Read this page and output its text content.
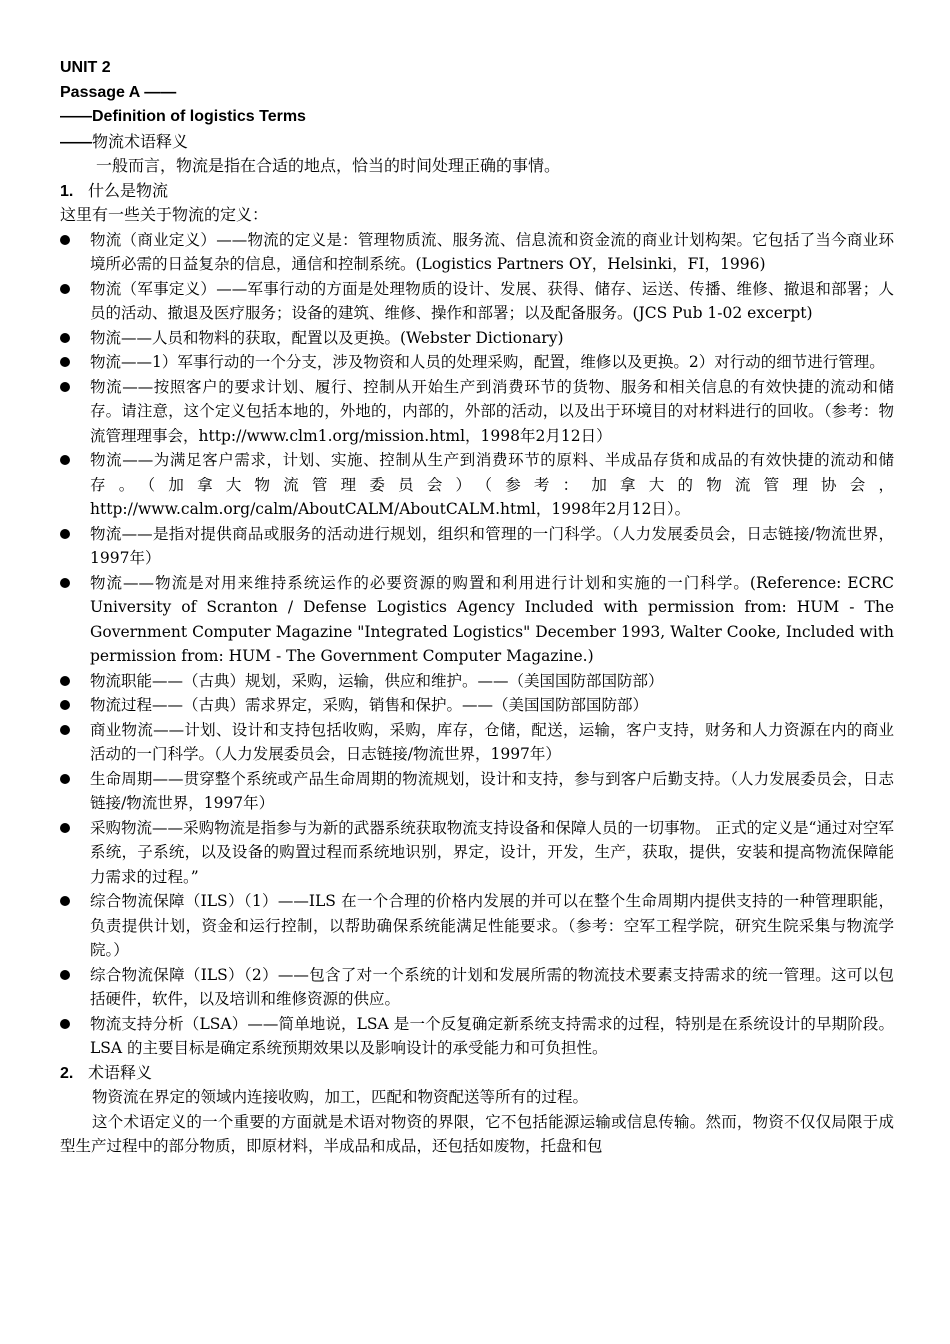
UNIT 2
Passage A ——
——Definition of logistics Terms
——物流术语释义
一般而言，物流是指在合适的地点，恰当的时间处理正确的事情。
1. 什么是物流
这里有一些关于物流的定义：
物流（商业定义）——物流的定义是：管理物质流、服务流、信息流和资金流的商业计划构架。它包括了当今商业环境所必需的日益复杂的信息，通信和控制系统。(Logistics Partners OY，Helsinki，FI，1996)
物流（军事定义）——军事行动的方面是处理物质的设计、发展、获得、储存、运送、传播、维修、撤退和部署；人员的活动、撤退及医疗服务；设备的建筑、维修、操作和部署；以及配备服务。(JCS Pub 1-02 excerpt)
物流——人员和物料的获取，配置以及更换。(Webster Dictionary)
物流——1）军事行动的一个分支，涉及物资和人员的处理采购，配置，维修以及更换。2）对行动的细节进行管理。
物流——按照客户的要求计划、履行、控制从开始生产到消费环节的货物、服务和相关信息的有效快捷的流动和储存。请注意，这个定义包括本地的，外地的，内部的，外部的活动，以及出于环境目的对材料进行的回收。（参考：物流管理理事会，http://www.clm1.org/mission.html，1998年2月12日）
物流——为满足客户需求，计划、实施、控制从生产到消费环节的原料、半成品存货和成品的有效快捷的流动和储存。（加拿大物流管理委员会）（参考：加拿大的物流管理协会，http://www.calm.org/calm/AboutCALM/AboutCALM.html，1998年2月12日）。
物流——是指对提供商品或服务的活动进行规划，组织和管理的一门科学。（人力发展委员会，日志链接/物流世界，1997年）
物流——物流是对用来维持系统运作的必要资源的购置和利用进行计划和实施的一门科学。(Reference: ECRC University of Scranton / Defense Logistics Agency Included with permission from: HUM - The Government Computer Magazine "Integrated Logistics" December 1993, Walter Cooke, Included with permission from: HUM - The Government Computer Magazine.)
物流职能——（古典）规划，采购，运输，供应和维护。——（美国国防部国防部）
物流过程——（古典）需求界定，采购，销售和保护。——（美国国防部国防部）
商业物流——计划、设计和支持包括收购，采购，库存，仓储，配送，运输，客户支持，财务和人力资源在内的商业活动的一门科学。（人力发展委员会，日志链接/物流世界，1997年）
生命周期——贯穿整个系统或产品生命周期的物流规划，设计和支持，参与到客户后勤支持。（人力发展委员会，日志链接/物流世界，1997年）
采购物流——采购物流是指参与为新的武器系统获取物流支持设备和保障人员的一切事物。 正式的定义是“通过对空军系统，子系统，以及设备的购置过程而系统地识别，界定，设计，开发，生产，获取，提供，安装和提高物流保障能力需求的过程。”
综合物流保障（ILS）（1）——ILS 在一个合理的价格内发展的并可以在整个生命周期内提供支持的一种管理职能，负责提供计划，资金和运行控制，以帮助确保系统能满足性能要求。（参考：空军工程学院，研究生院采集与物流学院。）
综合物流保障（ILS）（2）——包含了对一个系统的计划和发展所需的物流技术要素支持需求的统一管理。这可以包括硬件，软件，以及培训和维修资源的供应。
物流支持分析（LSA）——简单地说，LSA 是一个反复确定新系统支持需求的过程，特别是在系统设计的早期阶段。LSA 的主要目标是确定系统预期效果以及影响设计的承受能力和可负担性。
2. 术语释义
物资流在界定的领域内连接收购，加工，匹配和物资配送等所有的过程。
这个术语定义的一个重要的方面就是术语对物资的界限，它不包括能源运输或信息传输。然而，物资不仅仅局限于成型生产过程中的部分物质，即原材料，半成品和成品，还包括如废物，托盘和包
